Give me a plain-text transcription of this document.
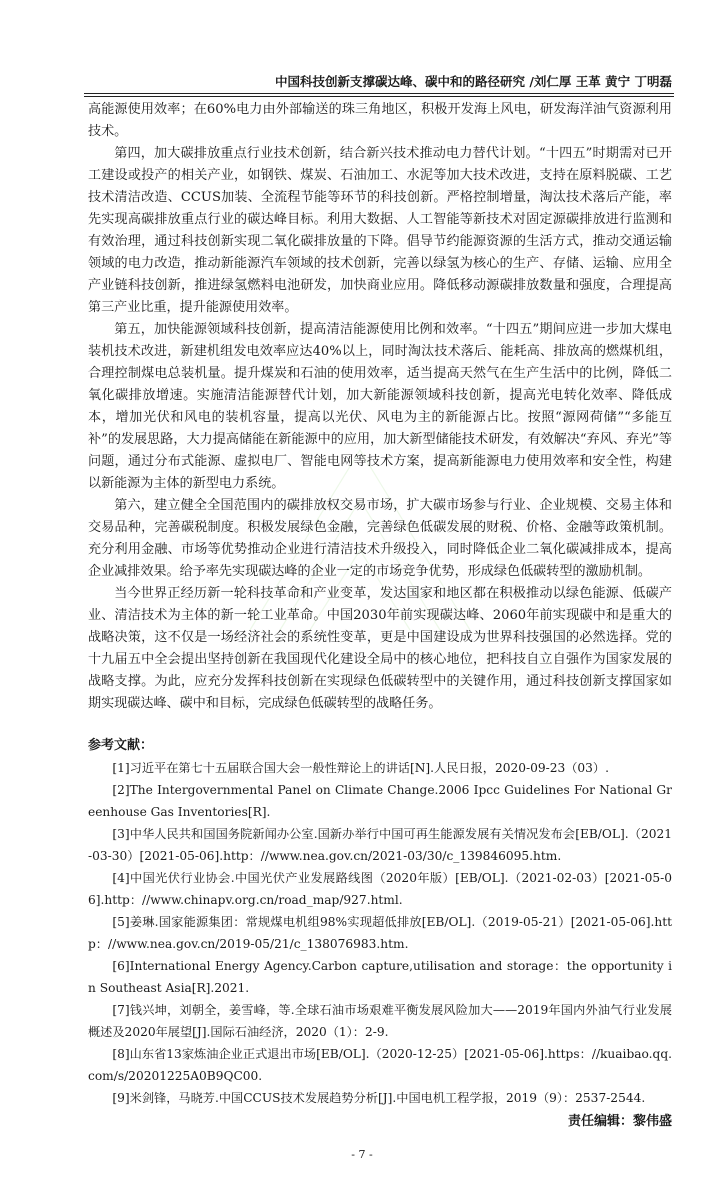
中国科技创新支撑碳达峰、碳中和的路径研究 /刘仁厚 王革 黄宁 丁明磊

高能源使用效率；在60%电力由外部输送的珠三角地区，积极开发海上风电，研发海洋油气资源利用技术。

第四，加大碳排放重点行业技术创新，结合新兴技术推动电力替代计划。“十四五”时期需对已开工建设或投产的相关产业，如钢铁、煤炭、石油加工、水泥等加大技术改进，支持在原料脱碳、工艺技术清洁改造、CCUS加装、全流程节能等环节的科技创新。严格控制增量，淘汰技术落后产能，率先实现高碳排放重点行业的碳达峰目标。利用大数据、人工智能等新技术对固定源碳排放进行监测和有效治理，通过科技创新实现二氧化碳排放量的下降。倡导节约能源资源的生活方式，推动交通运输领域的电力改造，推动新能源汽车领域的技术创新，完善以绿氢为核心的生产、存储、运输、应用全产业链科技创新，推进绿氢燃料电池研发，加快商业应用。降低移动源碳排放数量和强度，合理提高第三产业比重，提升能源使用效率。

第五，加快能源领域科技创新，提高清洁能源使用比例和效率。“十四五”期间应进一步加大煤电装机技术改进，新建机组发电效率应达40%以上，同时淘汰技术落后、能耗高、排放高的燃煤机组，合理控制煤电总装机量。提升煤炭和石油的使用效率，适当提高天然气在生产生活中的比例，降低二氧化碳排放增速。实施清洁能源替代计划，加大新能源领域科技创新，提高光电转化效率、降低成本，增加光伏和风电的装机容量，提高以光伏、风电为主的新能源占比。按照“源网荷储”“多能互补”的发展思路，大力提高储能在新能源中的应用，加大新型储能技术研发，有效解决“弃风、弃光”等问题，通过分布式能源、虚拟电厂、智能电网等技术方案，提高新能源电力使用效率和安全性，构建以新能源为主体的新型电力系统。

第六，建立健全全国范围内的碳排放权交易市场，扩大碳市场参与行业、企业规模、交易主体和交易品种，完善碳税制度。积极发展绿色金融，完善绿色低碳发展的财税、价格、金融等政策机制。充分利用金融、市场等优势推动企业进行清洁技术升级投入，同时降低企业二氧化碳减排成本，提高企业减排效果。给予率先实现碳达峰的企业一定的市场竞争优势，形成绿色低碳转型的激励机制。

当今世界正经历新一轮科技革命和产业变革，发达国家和地区都在积极推动以绿色能源、低碳产业、清洁技术为主体的新一轮工业革命。中国2030年前实现碳达峰、2060年前实现碳中和是重大的战略决策，这不仅是一场经济社会的系统性变革，更是中国建设成为世界科技强国的必然选择。党的十九届五中全会提出坚持创新在我国现代化建设全局中的核心地位，把科技自立自强作为国家发展的战略支撑。为此，应充分发挥科技创新在实现绿色低碳转型中的关键作用，通过科技创新支撑国家如期实现碳达峰、碳中和目标，完成绿色低碳转型的战略任务。

参考文献：

[1]习近平在第七十五届联合国大会一般性辩论上的讲话[N].人民日报，2020-09-23（03）.

[2]The Intergovernmental Panel on Climate Change.2006 Ipcc Guidelines For National Greenhouse Gas Inventories[R].

[3]中华人民共和国国务院新闻办公室.国新办举行中国可再生能源发展有关情况发布会[EB/OL].（2021-03-30）[2021-05-06].http：//www.nea.gov.cn/2021-03/30/c_139846095.htm.

[4]中国光伏行业协会.中国光伏产业发展路线图（2020年版）[EB/OL].（2021-02-03）[2021-05-06].http：//www.chinapv.org.cn/road_map/927.html.

[5]姜琳.国家能源集团：常规煤电机组98%实现超低排放[EB/OL].（2019-05-21）[2021-05-06].http：//www.nea.gov.cn/2019-05/21/c_138076983.htm.

[6]International Energy Agency.Carbon capture,utilisation and storage：the opportunity in Southeast Asia[R].2021.

[7]钱兴坤，刘朝全，姜雪峰，等.全球石油市场艰难平衡发展风险加大——2019年国内外油气行业发展概述及2020年展望[J].国际石油经济，2020（1）：2-9.

[8]山东省13家炼油企业正式退出市场[EB/OL].（2020-12-25）[2021-05-06].https：//kuaibao.qq.com/s/20201225A0B9QC00.

[9]米剑锋，马晓芳.中国CCUS技术发展趋势分析[J].中国电机工程学报，2019（9）：2537-2544.

责任编辑：黎伟盛
- 7 -
